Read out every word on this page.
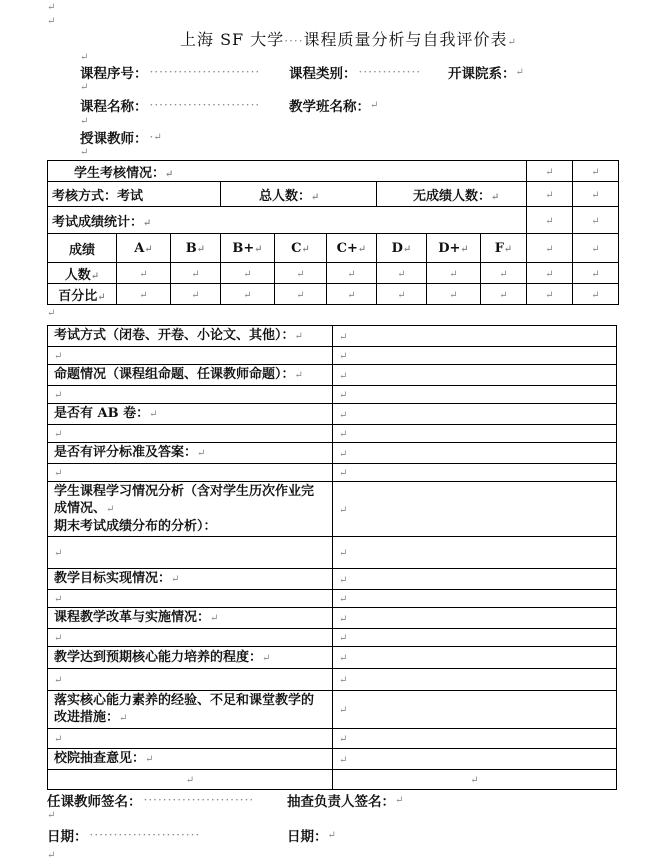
↵
↵
上海 SF 大学····课程质量分析与自我评价表↵
↵
课程序号： ······················· 课程类别： ············· 开课院系： ↵
↵
课程名称： ······················· 教学班名称： ↵
↵
授课教师： · ↵
↵
学生考核情况：↵									↵	↵
考核方式：考试			总人数：↵			无成绩人数：↵			↵	↵
考试成绩统计：↵									↵	↵
成绩	A↵	B↵	B+↵	C↵	C+↵	D↵	D+↵	F↵	↵	↵
人数↵	↵	↵	↵	↵	↵	↵	↵	↵	↵	↵
百分比↵	↵	↵	↵	↵	↵	↵	↵	↵	↵	↵
↵
考试方式（闭卷、开卷、小论文、其他）：↵	↵
↵	↵
命题情况（课程组命题、任课教师命题）：↵	↵
↵	↵
是否有 AB 卷：↵	↵
↵	↵
是否有评分标准及答案：↵	↵
↵	↵
学生课程学习情况分析（含对学生历次作业完成情况、↵
期末考试成绩分布的分析）：	↵
↵	↵
教学目标实现情况：↵	↵
↵	↵
课程教学改革与实施情况：↵	↵
↵	↵
教学达到预期核心能力培养的程度：↵	↵
↵	↵
落实核心能力素养的经验、不足和课堂教学的改进措施：↵	↵
↵	↵
校院抽查意见：↵	↵
↵	↵
任课教师签名： ······················· 抽查负责人签名： ↵
↵
日期： ·······················	日期： ↵
↵
